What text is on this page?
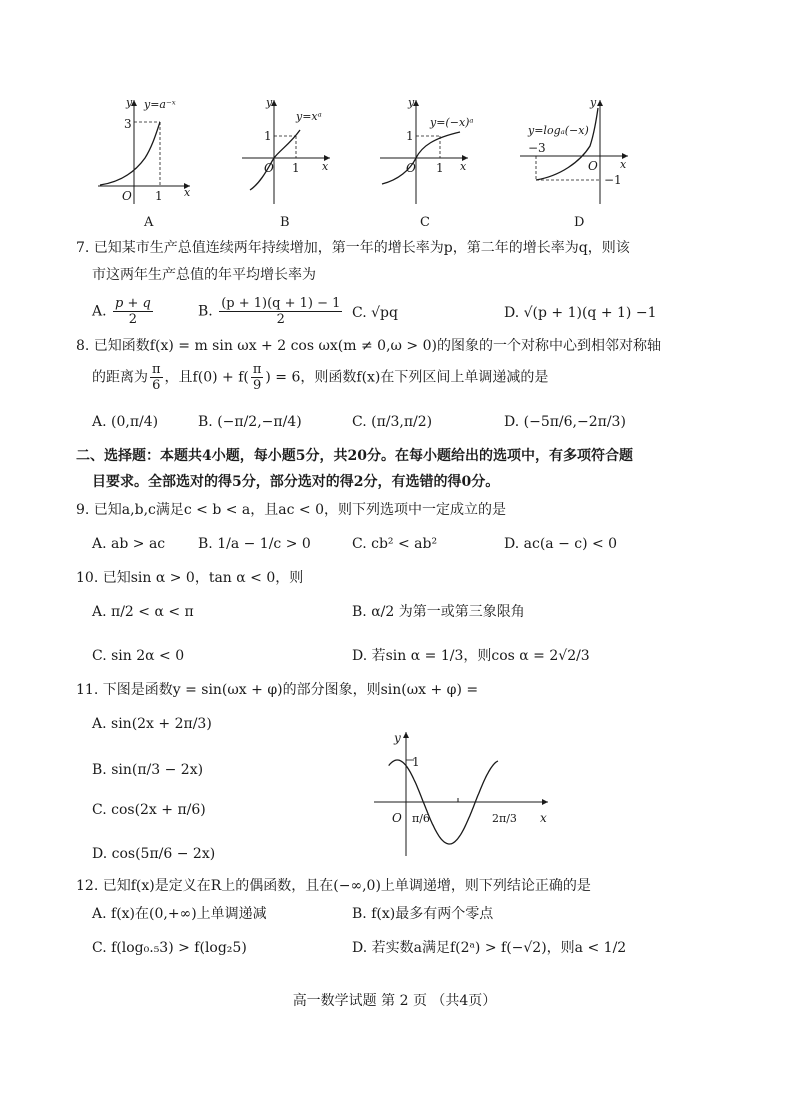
y y=a⁻ˣ
3
1
O	x
A
y
y=xᵃ
1
1
O	x
B
y
y=(−x)ᵃ
1
1
O	x
C
y
y=logₐ(−x)
−1
−3
O x
D
7. 已知某市生产总值连续两年持续增加，第一年的增长率为p，第二年的增长率为q，则该
市这两年生产总值的年平均增长率为
A. $\frac{p + q}{2}$	B. $\frac{(p + 1)(q + 1) - 1}{2} C$. √pq	D. √(p + 1)(q + 1) −1
8. 已知函数f(x) = m sin ωx + 2 cos ωx(m ≠ 0,ω > 0)的图象的一个对称中心到相邻对称轴
的距离为 $\frac{\pi}{6}$ ，且$f(0) + f( \frac{\pi}{9}$ ) = 6，则函数f(x)在下列区间上单调递减的是
A. (0,π/4)	B. (−π/2,−π/4)	C. (π/3,π/2)	D. (−5π/6,−2π/3)
二、选择题：本题共4小题，每小题5分，共20分。在每小题给出的选项中，有多项符合题
目要求。全部选对的得5分，部分选对的得2分，有选错的得0分。
9. 已知a,b,c满足c < b < a，且ac < 0，则下列选项中一定成立的是
A. ab > ac B. 1/a − 1/c > 0	C. cb² < ab²	D. ac(a − c) < 0
10. 已知sin α > 0，tan α < 0，则
A. π/2 < α < π	B. α/2 为第一或第三象限角
C. sin 2α < 0	D. 若sin α = 1/3，则cos α = 2√2/3
11. 下图是函数y = sin(ωx + φ)的部分图象，则sin(ωx + φ) =
A. sin(2x + 2π/3)
B. sin(π/3 − 2x)
C. cos(2x + π/6)
D. cos(5π/6 − 2x)
y
x
O
1
π/6	2π/3
12. 已知f(x)是定义在R上的偶函数，且在(−∞,0)上单调递增，则下列结论正确的是
A. f(x)在(0,+∞)上单调递减	B. f(x)最多有两个零点
C. f(log₀.₅3) > f(log₂5)	D. 若实数a满足f(2ᵃ) > f(−√2)，则a < 1/2
高一数学试题 第 2 页 （共4页）
